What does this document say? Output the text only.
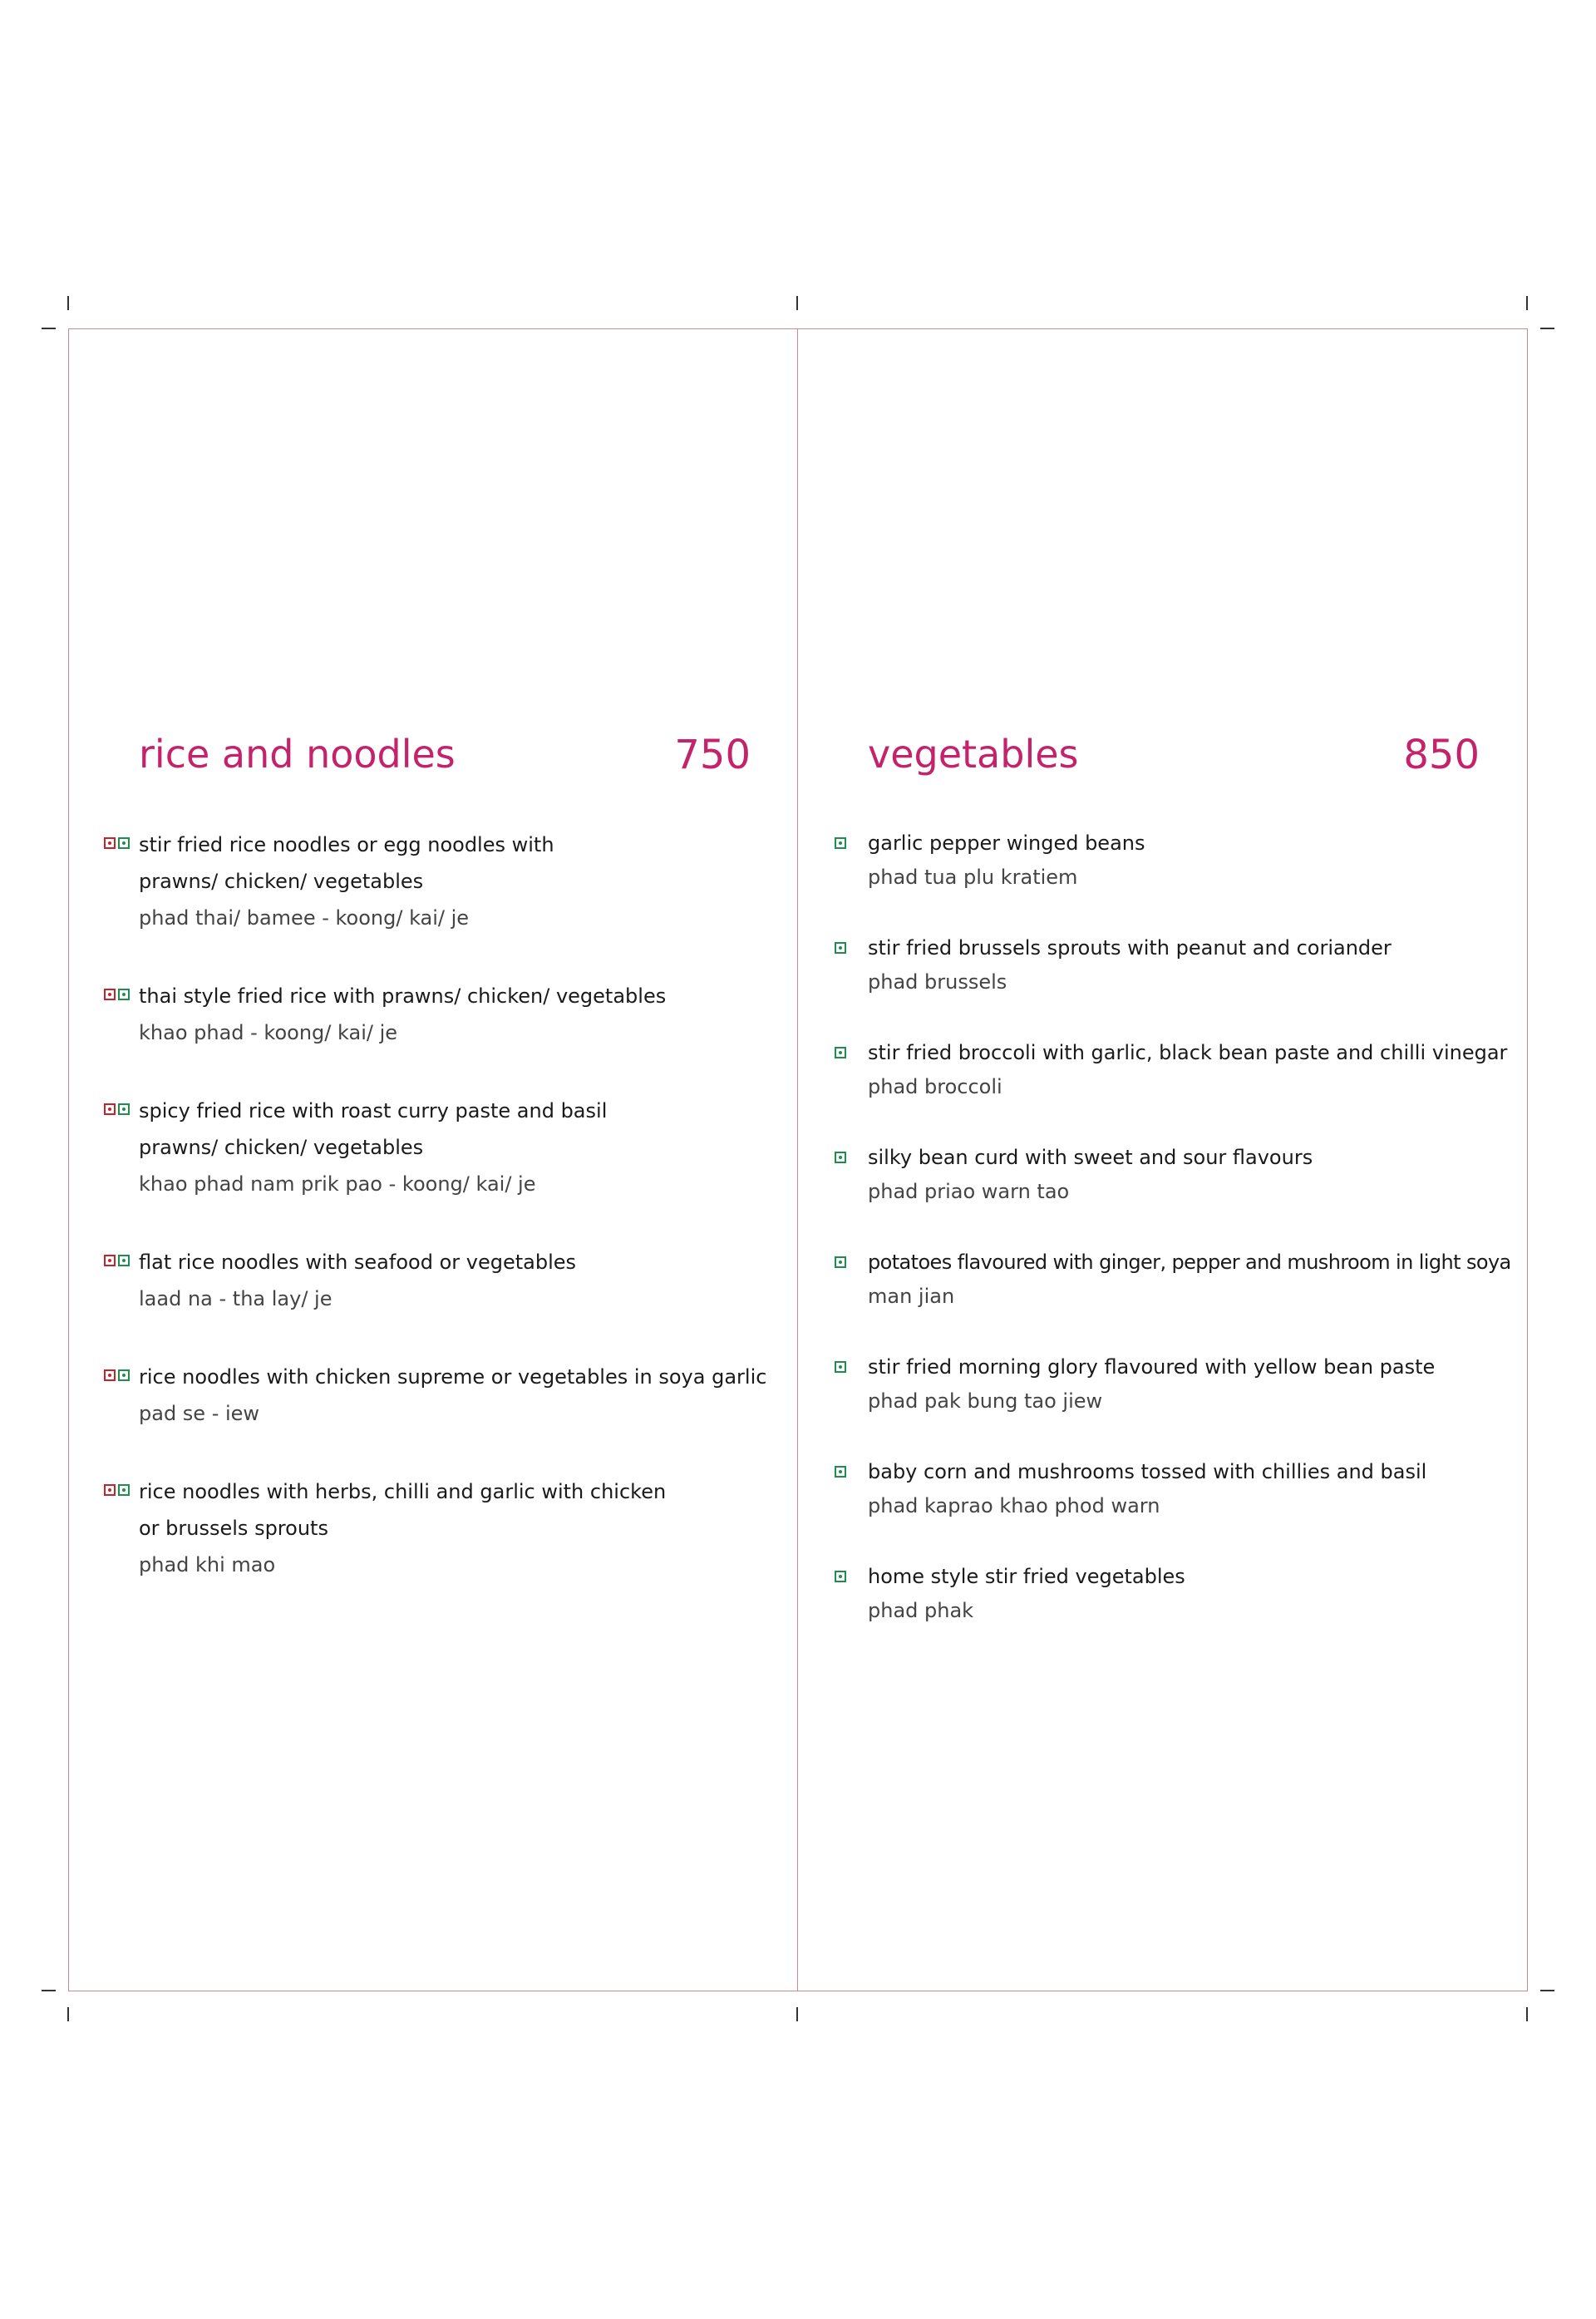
rice and noodles	750
stir fried rice noodles or egg noodles with
prawns/ chicken/ vegetables
phad thai/ bamee - koong/ kai/ je
thai style fried rice with prawns/ chicken/ vegetables
khao phad - koong/ kai/ je
spicy fried rice with roast curry paste and basil
prawns/ chicken/ vegetables
khao phad nam prik pao - koong/ kai/ je
flat rice noodles with seafood or vegetables
laad na - tha lay/ je
rice noodles with chicken supreme or vegetables in soya garlic
pad se - iew
rice noodles with herbs, chilli and garlic with chicken
or brussels sprouts
phad khi mao
vegetables	850
garlic pepper winged beans
phad tua plu kratiem
stir fried brussels sprouts with peanut and coriander
phad brussels
stir fried broccoli with garlic, black bean paste and chilli vinegar
phad broccoli
silky bean curd with sweet and sour flavours
phad priao warn tao
potatoes flavoured with ginger, pepper and mushroom in light soya
man jian
stir fried morning glory flavoured with yellow bean paste
phad pak bung tao jiew
baby corn and mushrooms tossed with chillies and basil
phad kaprao khao phod warn
home style stir fried vegetables
phad phak
